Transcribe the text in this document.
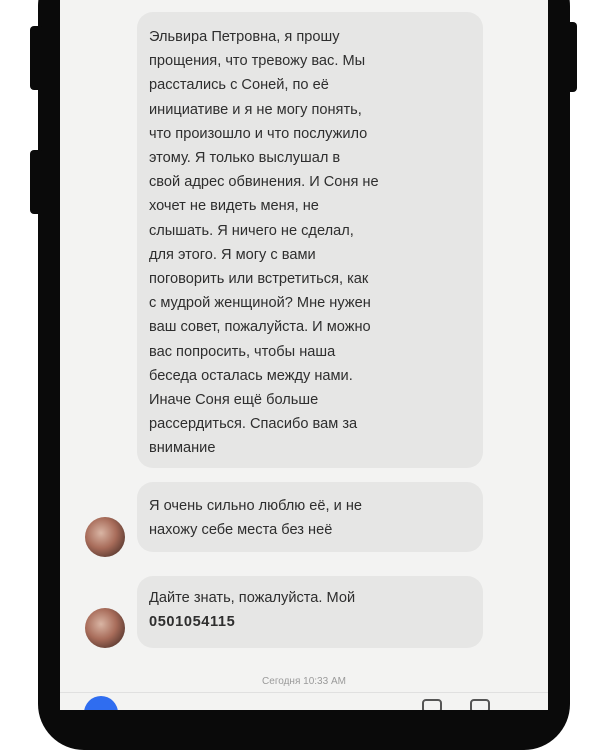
Эльвира Петровна, я прошу
прощения, что тревожу вас. Мы
расстались с Соней, по её
инициативе и я не могу понять,
что произошло и что послужило
этому. Я только выслушал в
свой адрес обвинения. И Соня не
хочет не видеть меня, не
слышать. Я ничего не сделал,
для этого. Я могу с вами
поговорить или встретиться, как
с мудрой женщиной? Мне нужен
ваш совет, пожалуйста. И можно
вас попросить, чтобы наша
беседа осталась между нами.
Иначе Соня ещё больше
рассердиться. Спасибо вам за
внимание
Я очень сильно люблю её, и не
нахожу себе места без неё
Дайте знать, пожалуйста. Мой
0501054115
Сегодня 10:33 AM
